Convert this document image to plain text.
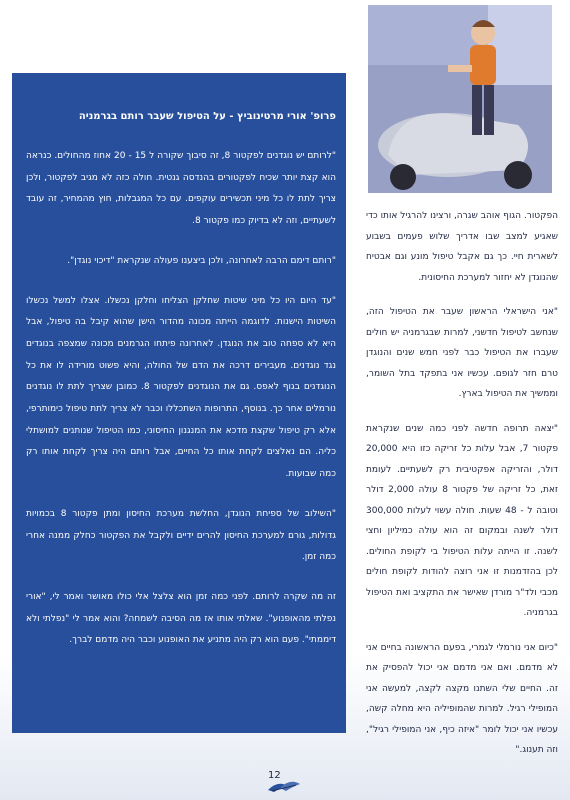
הפקטור. הגוף אוהב שגרה, ורצינו להרגיל אותו כדי שאגיע למצב שבו אדריך שלוש פעמים בשבוע לשארית חיי. כך גם אקבל טיפול מונע וגם אבטיח שהנוגדן לא יחזור למערכת החיסונית.

"אני הישראלי הראשון שעבר את הטיפול הזה, שנחשב לטיפול חדשני, למרות שבגרמניה יש חולים שעברו את הטיפול כבר לפני חמש שנים והנוגדן טרם חזר לגופם. עכשיו אני בתפקד בתל השומר, וממשיך את הטיפול בארץ.

"יצאה תרופה חדשה לפני כמה שנים שנקראת פקטור 7, אבל עלות כל זריקה כזו היא 20,000 דולר, והזריקה אפקטיבית רק לשעתיים. לעומת זאת, כל זריקה של פקטור 8 עולה 2,000 דולר וטובה ל - 48 שעות. חולה עשוי לעלות 300,000 דולר לשנה ובמקום זה הוא עולה כמיליון וחצי לשנה. זו הייתה עלות הטיפול בי לקופת החולים. לכן בהזדמנות זו אני רוצה להודות לקופת חולים מכבי ולד"ר מורדן שאישר את התקציב ואת הטיפול בגרמניה.

"כיום אני נורמלי לגמרי, בפעם הראשונה בחיים אני לא מדמם. ואם אני מדמם אני יכול להפסיק את זה. החיים שלי השתנו מקצה לקצה, למעשה אני המופילי רגיל. למרות שהמופיליה היא מחלה קשה, עכשיו אני יכול לומר "איזה כיף, אני המופילי רגיל", וזה תענוג."

פרופ' אורי מרטינוביץ - על הטיפול שעבר רותם בגרמניה

"לרותם יש נוגדנים לפקטור 8, זה סיבוך שקורה ל 15 - 20 אחוז מהחולים. כנראה הוא קצת יותר שכיח לפקטורים בהנדסה גנטית. חולה כזה לא מגיב לפקטור, ולכן צריך לתת לו כל מיני תכשירים עוקפים. עם כל המגבלות, חוץ מהמחיר, זה עובד לשעתיים, וזה לא בדיוק כמו פקטור 8.

"רותם דימם הרבה לאחרונה, ולכן ביצענו פעולה שנקראת "דיכוי נוגדן".

"עד היום היו כל מיני שיטות שחלקן הצליחו וחלקן נכשלו. אצלו למשל נכשלו השיטות הישנות. לדוגמה הייתה מכונה מהדור הישן שהוא קיבל בה טיפול, אבל היא לא ספחה טוב את הנוגדן. לאחרונה פיתחו הגרמנים מכונה שמצפה בנוגדים נגד נוגדנים. מעבירים דרכה את הדם של החולה, והיא פשוט מורידה לו את כל הנוגדנים בגוף לאפס. גם את הנוגדנים לפקטור 8. כמובן שצריך לתת לו נוגדנים נורמלים אחר כך. בנוסף, התרופות השתכללו וכבר לא צריך לתת טיפול כימותרפי, אלא רק טיפול שקצת מדכא את המנגנון החיסוני, כמו הטיפול שנותנים למושתלי כליה. הם נאלצים לקחת אותו כל החיים, אבל רותם היה צריך לקחת אותו רק כמה שבועות.

"השילוב של ספיחת הנוגדן, החלשת מערכת החיסון ומתן פקטור 8 בכמויות גדולות, גורם למערכת החיסון להרים ידיים ולקבל את הפקטור כחלק ממנה אחרי כמה זמן.

זה מה שקרה לרותם. לפני כמה זמן הוא צלצל אלי כולו מאושר ואמר לי, "אורי נפלתי מהאופנוע". שאלתי אותו אז מה הסיבה לשמחה? והוא אמר לי "נפלתי ולא דיממתי". פעם הוא רק היה מתניע את האופנוע וכבר היה מדמם לברך.

12
